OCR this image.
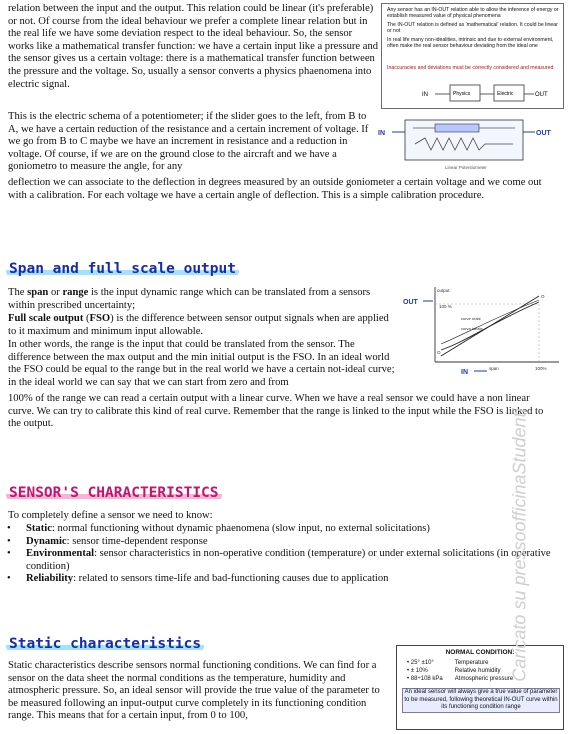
relation between the input and the output. This relation could be linear (it's preferable) or not. Of course from the ideal behaviour we prefer a complete linear relation but in the real life we have some deviation respect to the ideal behaviour. So, the sensor works like a mathematical transfer function: we have a certain input like a pressure and the sensor gives us a certain voltage: there is a mathematical transfer function between the pressure and the voltage. So, usually a sensor converts a physics phaenomena into electric signal.

Any sensor has an IN-OUT relation able to allow the inference of energy or establish measured value of physical phenomena
The IN-OUT relation is defined as 'mathematical' relation. It could be linear or not
In real life many non-idealities, intrinsic and due to external environment, often make the real sensor behaviour deviating from the ideal one
Inaccuracies and deviations must be correctly considered and measured
IN	Physics	Electric	OUT

This is the electric schema of a potentiometer; if the slider goes to the left, from B to A, we have a certain reduction of the resistance and a certain increment of voltage. If we go from B to C maybe we have an increment in resistance and a reduction in voltage. Of course, if we are on the ground close to the aircraft and we have a goniometro to measure the angle, for any

deflection we can associate to the deflection in degrees measured by an outside goniometer a certain voltage and we come out with a calibration. For each voltage we have a certain angle of deflection. This is a simple calibration procedure.

IN	OUT
Linear Potentiometer
Span and full scale output

The span or range is the input dynamic range which can be translated from a sensors within prescribed uncertainty;

Full scale output (FSO) is the difference between sensor output signals when are applied to it maximum and minimum input allowable.

In other words, the range is the input that could be translated from the sensor. The difference between the max output and the min initial output is the FSO. In an ideal world the FSO could be equal to the range but in the real world we have a certain not-ideal curve; in the ideal world we can say that we can start from zero and from

100% of the range we can read a certain output with a linear curve. When we have a real sensor we could have a non linear curve. We can try to calibrate this kind of real curve. Remember that the range is linked to the input while the FSO is linked to the output.

OUT
output
100 %
curve reale
curva ideale
O
O
span	100%
IN
SENSOR'S CHARACTERISTICS

To completely define a sensor we need to know:

• Static: normal functioning without dynamic phaenomena (slow input, no external solicitations)
• Dynamic: sensor time-dependent response
• Environmental: sensor characteristics in non-operative condition (temperature) or under external solicitations (in operative condition)
• Reliability: related to sensors time-life and bad-functioning causes due to application
Static characteristics

Static characteristics describe sensors normal functioning conditions. We can find for a sensor on the data sheet the normal conditions as the temperature, humidity and atmospheric pressure. So, an ideal sensor will provide the true value of the parameter to be measured following an input-output curve completely in its functioning condition range. This means that for a certain input, from 0 to 100,

NORMAL CONDITION:
• 25° ±10°	Temperature
• ± 10%	Relative humidity
• 88÷108 kPa Atmospheric pressure
An ideal sensor will always give a true value of parameter to be measured, following theoretical IN-OUT curve within its functioning condition range
Caricato su pressoofficinaStudenti
